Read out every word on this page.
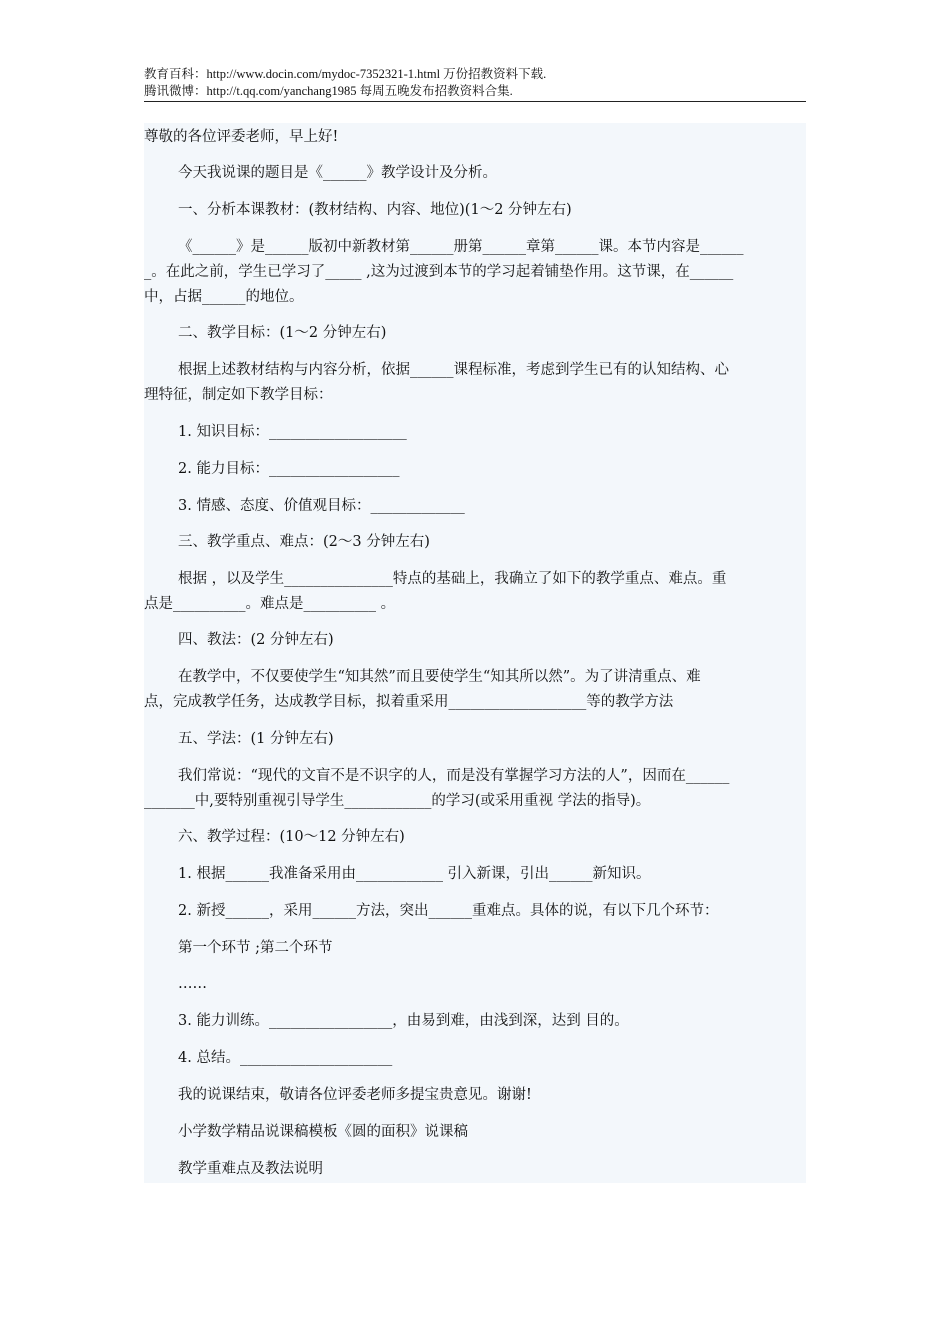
教育百科：http://www.docin.com/mydoc-7352321-1.html 万份招教资料下载.
腾讯微博：http://t.qq.com/yanchang1985 每周五晚发布招教资料合集.
尊敬的各位评委老师，早上好!
今天我说课的题目是《______》教学设计及分析。
一、分析本课教材：(教材结构、内容、地位)(1～2 分钟左右)
《______》是______版初中新教材第______册第______章第______课。本节内容是______
_。在此之前，学生已学习了_____ ,这为过渡到本节的学习起着铺垫作用。这节课，在______
中，占据______的地位。
二、教学目标：(1～2 分钟左右)
根据上述教材结构与内容分析，依据______课程标准，考虑到学生已有的认知结构、心
理特征，制定如下教学目标：
1. 知识目标：___________________
2. 能力目标：__________________
3. 情感、态度、价值观目标：_____________
三、教学重点、难点：(2～3 分钟左右)
根据 ，以及学生_______________特点的基础上，我确立了如下的教学重点、难点。重
点是__________。难点是__________ 。
四、教法：(2 分钟左右)
在教学中，不仅要使学生“知其然”而且要使学生“知其所以然”。为了讲清重点、难
点，完成教学任务，达成教学目标，拟着重采用___________________等的教学方法
五、学法：(1 分钟左右)
我们常说：“现代的文盲不是不识字的人，而是没有掌握学习方法的人”，因而在______
_______中,要特别重视引导学生____________的学习(或采用重视 学法的指导)。
六、教学过程：(10～12 分钟左右)
1. 根据______我准备采用由____________ 引入新课，引出______新知识。
2. 新授______，采用______方法，突出______重难点。具体的说，有以下几个环节：
第一个环节 ;第二个环节
……
3. 能力训练。_________________，由易到难，由浅到深，达到 目的。
4. 总结。_____________________
我的说课结束，敬请各位评委老师多提宝贵意见。谢谢!
小学数学精品说课稿模板《圆的面积》说课稿
教学重难点及教法说明
